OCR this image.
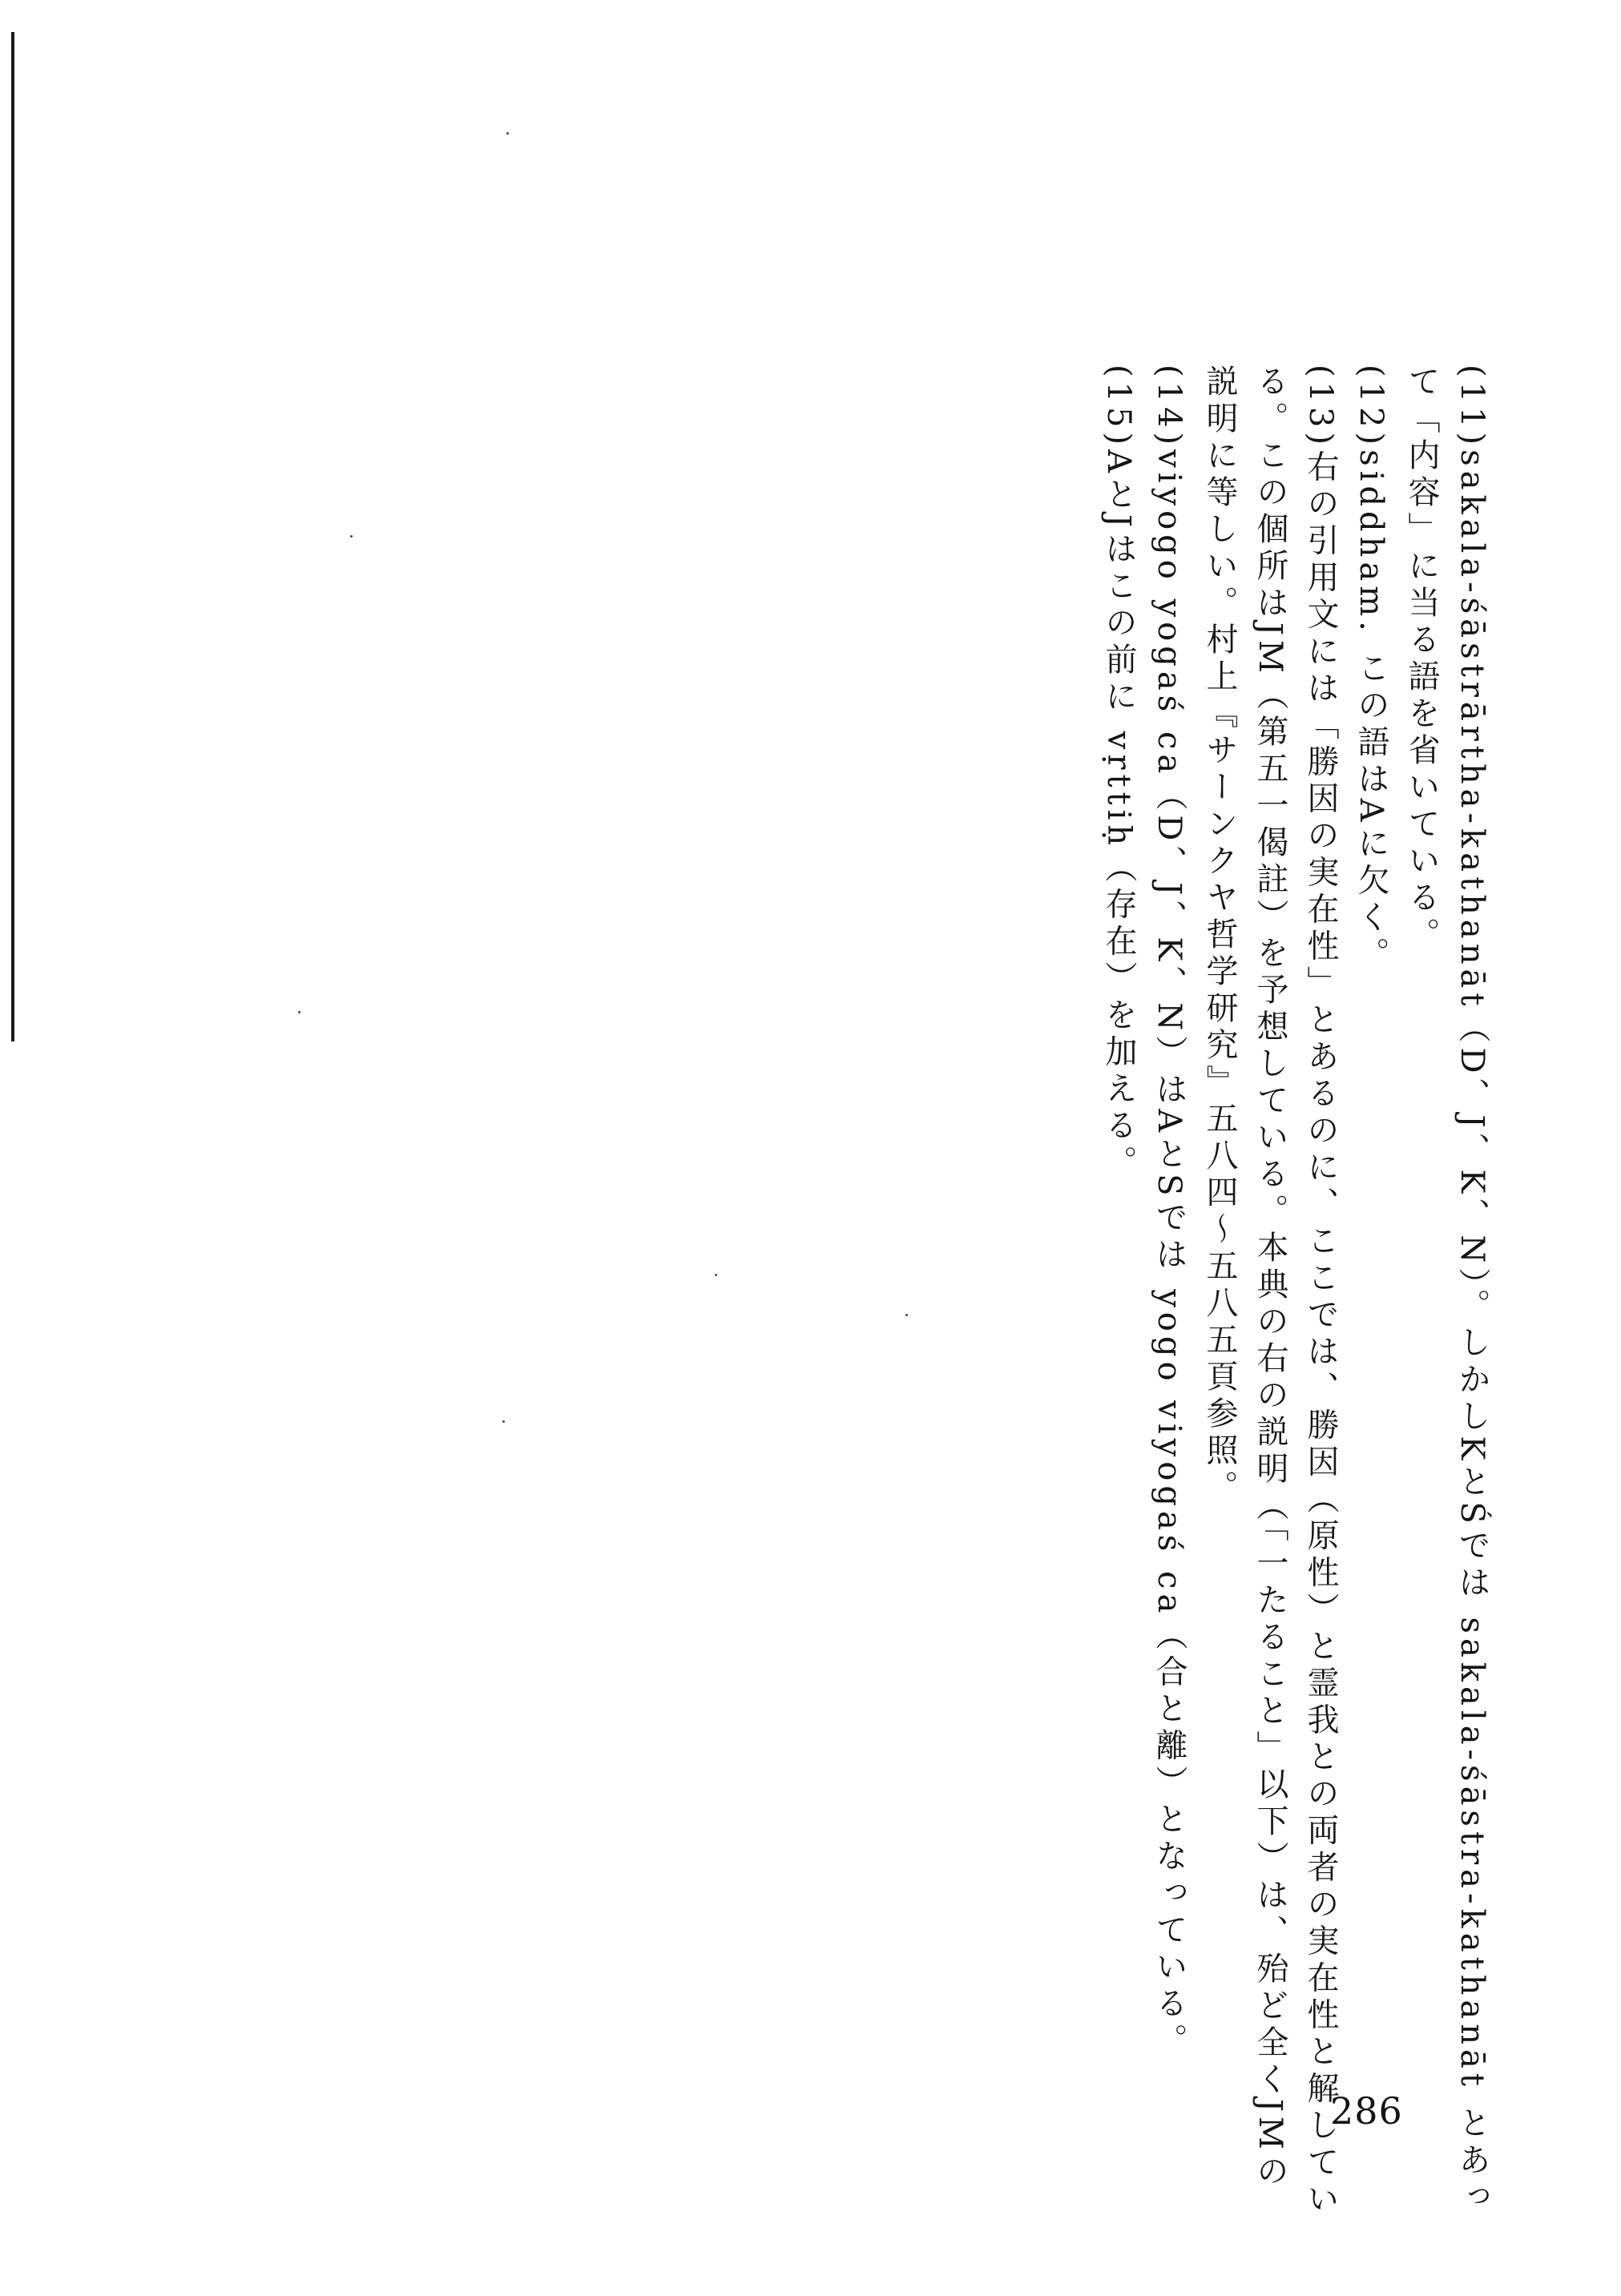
(11)sakala-śāstrārtha-kathanāt（D、J、K、N）。しかしKとŚでは sakala-śāstra-kathanāt とあって「内容」に当る語を省いている。
(12)siddham. この語はAに欠く。
(13)右の引用文には「勝因の実在性」とあるのに、ここでは、勝因（原性）と霊我との両者の実在性と解している。この個所はJM（第五一偈註）を予想している。本典の右の説明（「一たること」以下）は、殆ど全くJMの説明に等しい。村上『サーンクヤ哲学研究』五八四～五八五頁参照。
(14)viyogo yogaś ca（D、J、K、N）はAとSでは yogo viyogaś ca（合と離）となっている。
(15)AとJはこの前に vṛttiḥ（存在）を加える。
286
